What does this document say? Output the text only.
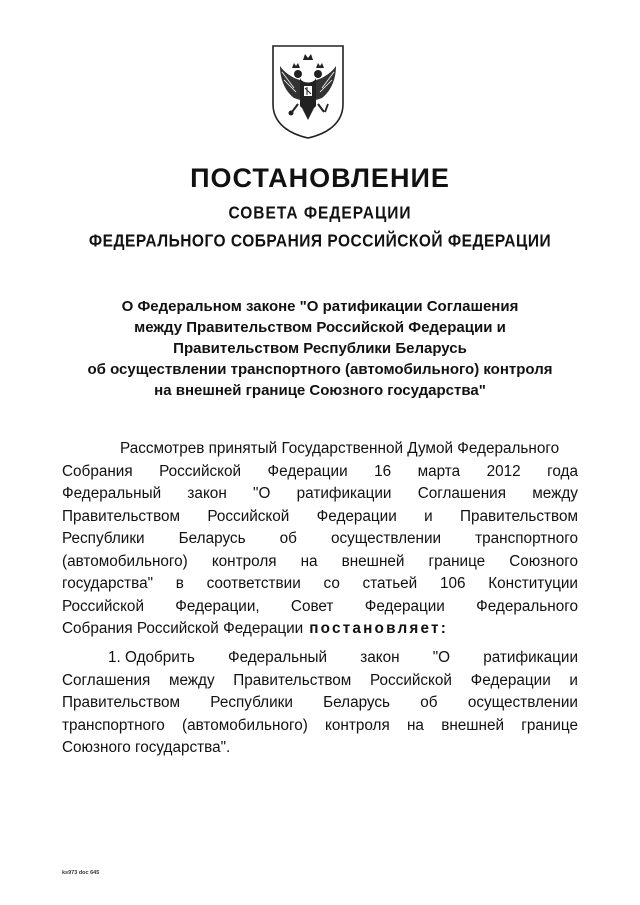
ПОСТАНОВЛЕНИЕ
СОВЕТА ФЕДЕРАЦИИ
ФЕДЕРАЛЬНОГО СОБРАНИЯ РОССИЙСКОЙ ФЕДЕРАЦИИ
О Федеральном законе "О ратификации Соглашения
между Правительством Российской Федерации и
Правительством Республики Беларусь
об осуществлении транспортного (автомобильного) контроля
на внешней границе Союзного государства"
Рассмотрев принятый Государственной Думой Федерального
Собрания Российской Федерации 16 марта 2012 года
Федеральный закон "О ратификации Соглашения между
Правительством Российской Федерации и Правительством
Республики Беларусь об осуществлении транспортного
(автомобильного) контроля на внешней границе Союзного
государства" в соответствии со статьей 106 Конституции
Российской Федерации, Совет Федерации Федерального
Собрания Российской Федерации постановляет:
1. Одобрить Федеральный закон "О ратификации
Соглашения между Правительством Российской Федерации и
Правительством Республики Беларусь об осуществлении
транспортного (автомобильного) контроля на внешней границе
Союзного государства".
ks973 doc 645
